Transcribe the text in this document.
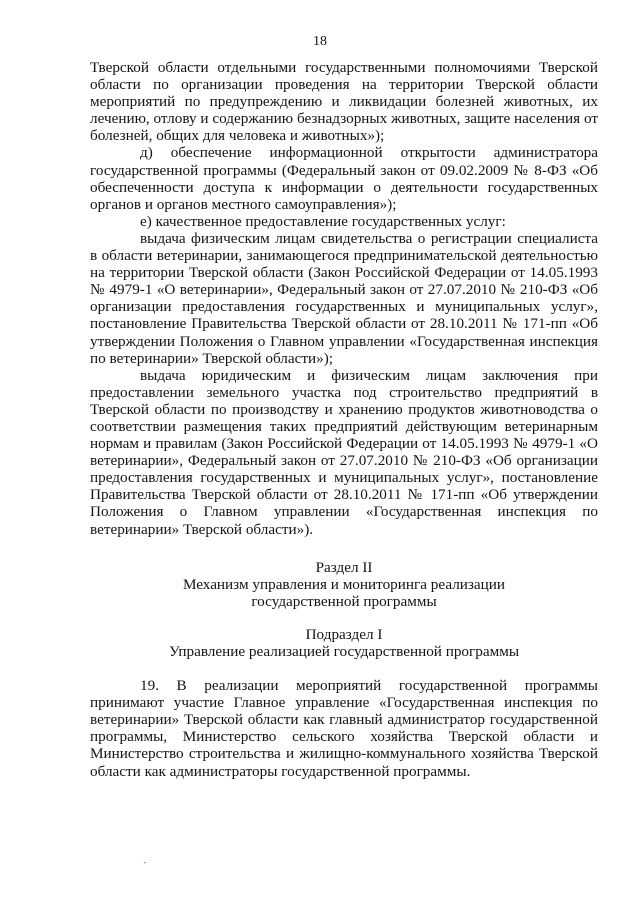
18

Тверской области отдельными государственными полномочиями Тверской области по организации проведения на территории Тверской области мероприятий по предупреждению и ликвидации болезней животных, их лечению, отлову и содержанию безнадзорных животных, защите населения от болезней, общих для человека и животных»);

д) обеспечение информационной открытости администратора государственной программы (Федеральный закон от 09.02.2009 № 8-ФЗ «Об обеспеченности доступа к информации о деятельности государственных органов и органов местного самоуправления»);

е) качественное предоставление государственных услуг:

выдача физическим лицам свидетельства о регистрации специалиста в области ветеринарии, занимающегося предпринимательской деятельностью на территории Тверской области (Закон Российской Федерации от 14.05.1993 № 4979-1 «О ветеринарии», Федеральный закон от 27.07.2010 № 210-ФЗ «Об организации предоставления государственных и муниципальных услуг», постановление Правительства Тверской области от 28.10.2011 № 171-пп «Об утверждении Положения о Главном управлении «Государственная инспекция по ветеринарии» Тверской области»);

выдача юридическим и физическим лицам заключения при предоставлении земельного участка под строительство предприятий в Тверской области по производству и хранению продуктов животноводства о соответствии размещения таких предприятий действующим ветеринарным нормам и правилам (Закон Российской Федерации от 14.05.1993 № 4979-1 «О ветеринарии», Федеральный закон от 27.07.2010 № 210-ФЗ «Об организации предоставления государственных и муниципальных услуг», постановление Правительства Тверской области от 28.10.2011 № 171-пп «Об утверждении Положения о Главном управлении «Государственная инспекция по ветеринарии» Тверской области»).

Раздел II

Механизм управления и мониторинга реализации

государственной программы

Подраздел I

Управление реализацией государственной программы

19. В реализации мероприятий государственной программы принимают участие Главное управление «Государственная инспекция по ветеринарии» Тверской области как главный администратор государственной программы, Министерство сельского хозяйства Тверской области и Министерство строительства и жилищно-коммунального хозяйства Тверской области как администраторы государственной программы.

ˎ
